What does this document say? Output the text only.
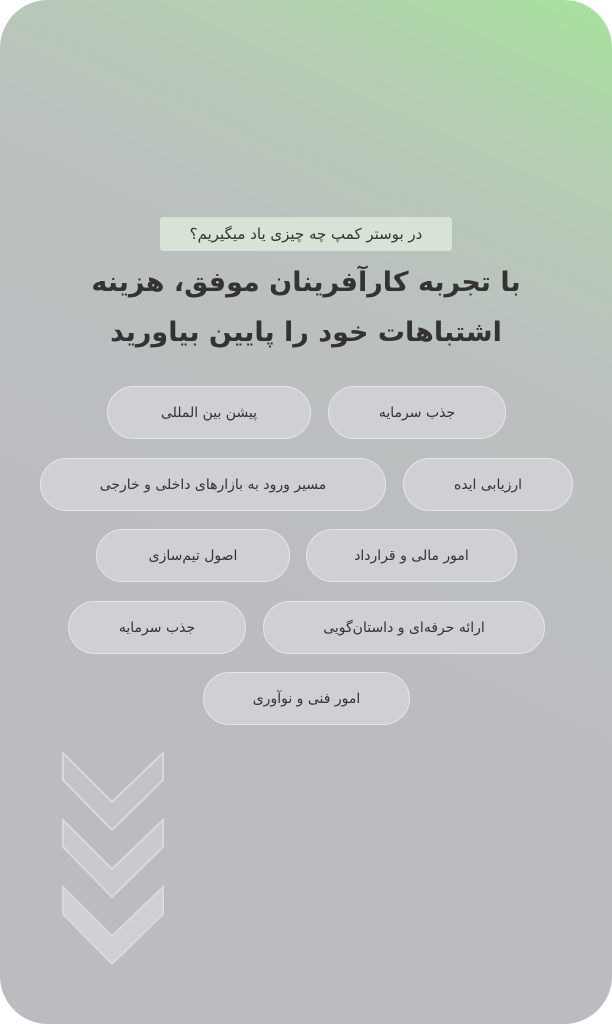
در بوستر کمپ چه چیزی یاد میگیریم؟
با تجربه کارآفرینان موفق، هزینه
اشتباهات خود را پایین بیاورید
جذب سرمایه
پیشن بین المللی
ارزیابی ایده
مسیر ورود به بازارهای داخلی و خارجی
امور مالی و قرارداد
اصول تیم‌سازی
ارائه حرفه‌ای و داستان‌گویی
جذب سرمایه
امور فنی و نوآوری
